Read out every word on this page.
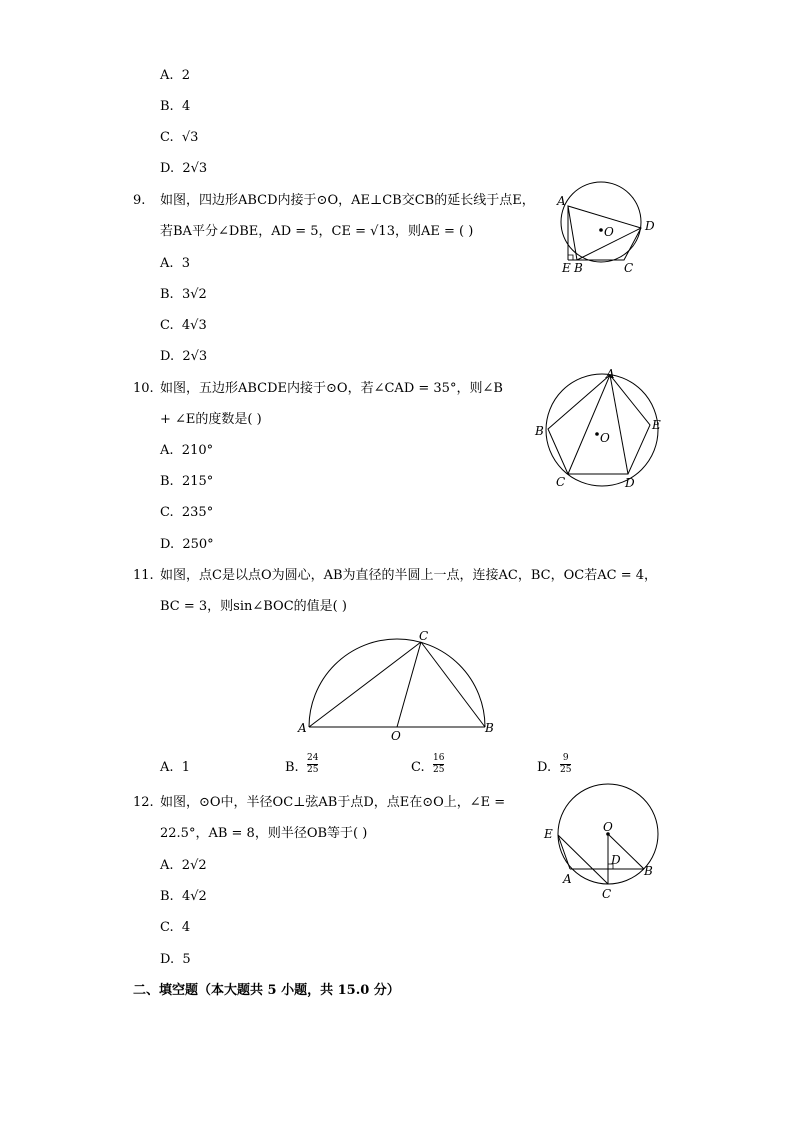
A. 2
B. 4
C. √3
D. 2√3
9. 如图，四边形ABCD内接于⊙O，AE⊥CB交CB的延长线于点E，
若BA平分∠DBE，AD = 5，CE = √13，则AE = ( )
A. 3
B. 3√2
C. 4√3
D. 2√3
A
O	D
E B	C
10. 如图，五边形ABCDE内接于⊙O，若∠CAD = 35°，则∠B
+ ∠E的度数是( )
A. 210°
B. 215°
C. 235°
D. 250°
A
B	E
O
C	D
11. 如图，点C是以点O为圆心，AB为直径的半圆上一点，连接AC，BC，OC若AC = 4，
BC = 3，则sin∠BOC的值是( )
C
A
O
B
A. 1	B.
24
25	C.
16
25	D.
9
25
12. 如图，⊙O中，半径OC⊥弦AB于点D，点E在⊙O上，∠E =
22.5°，AB = 8，则半径OB等于( )
A. 2√2
B. 4√2
C. 4
D. 5
O
E
D
A
B
C
二、填空题（本大题共 5 小题，共 15.0 分）
